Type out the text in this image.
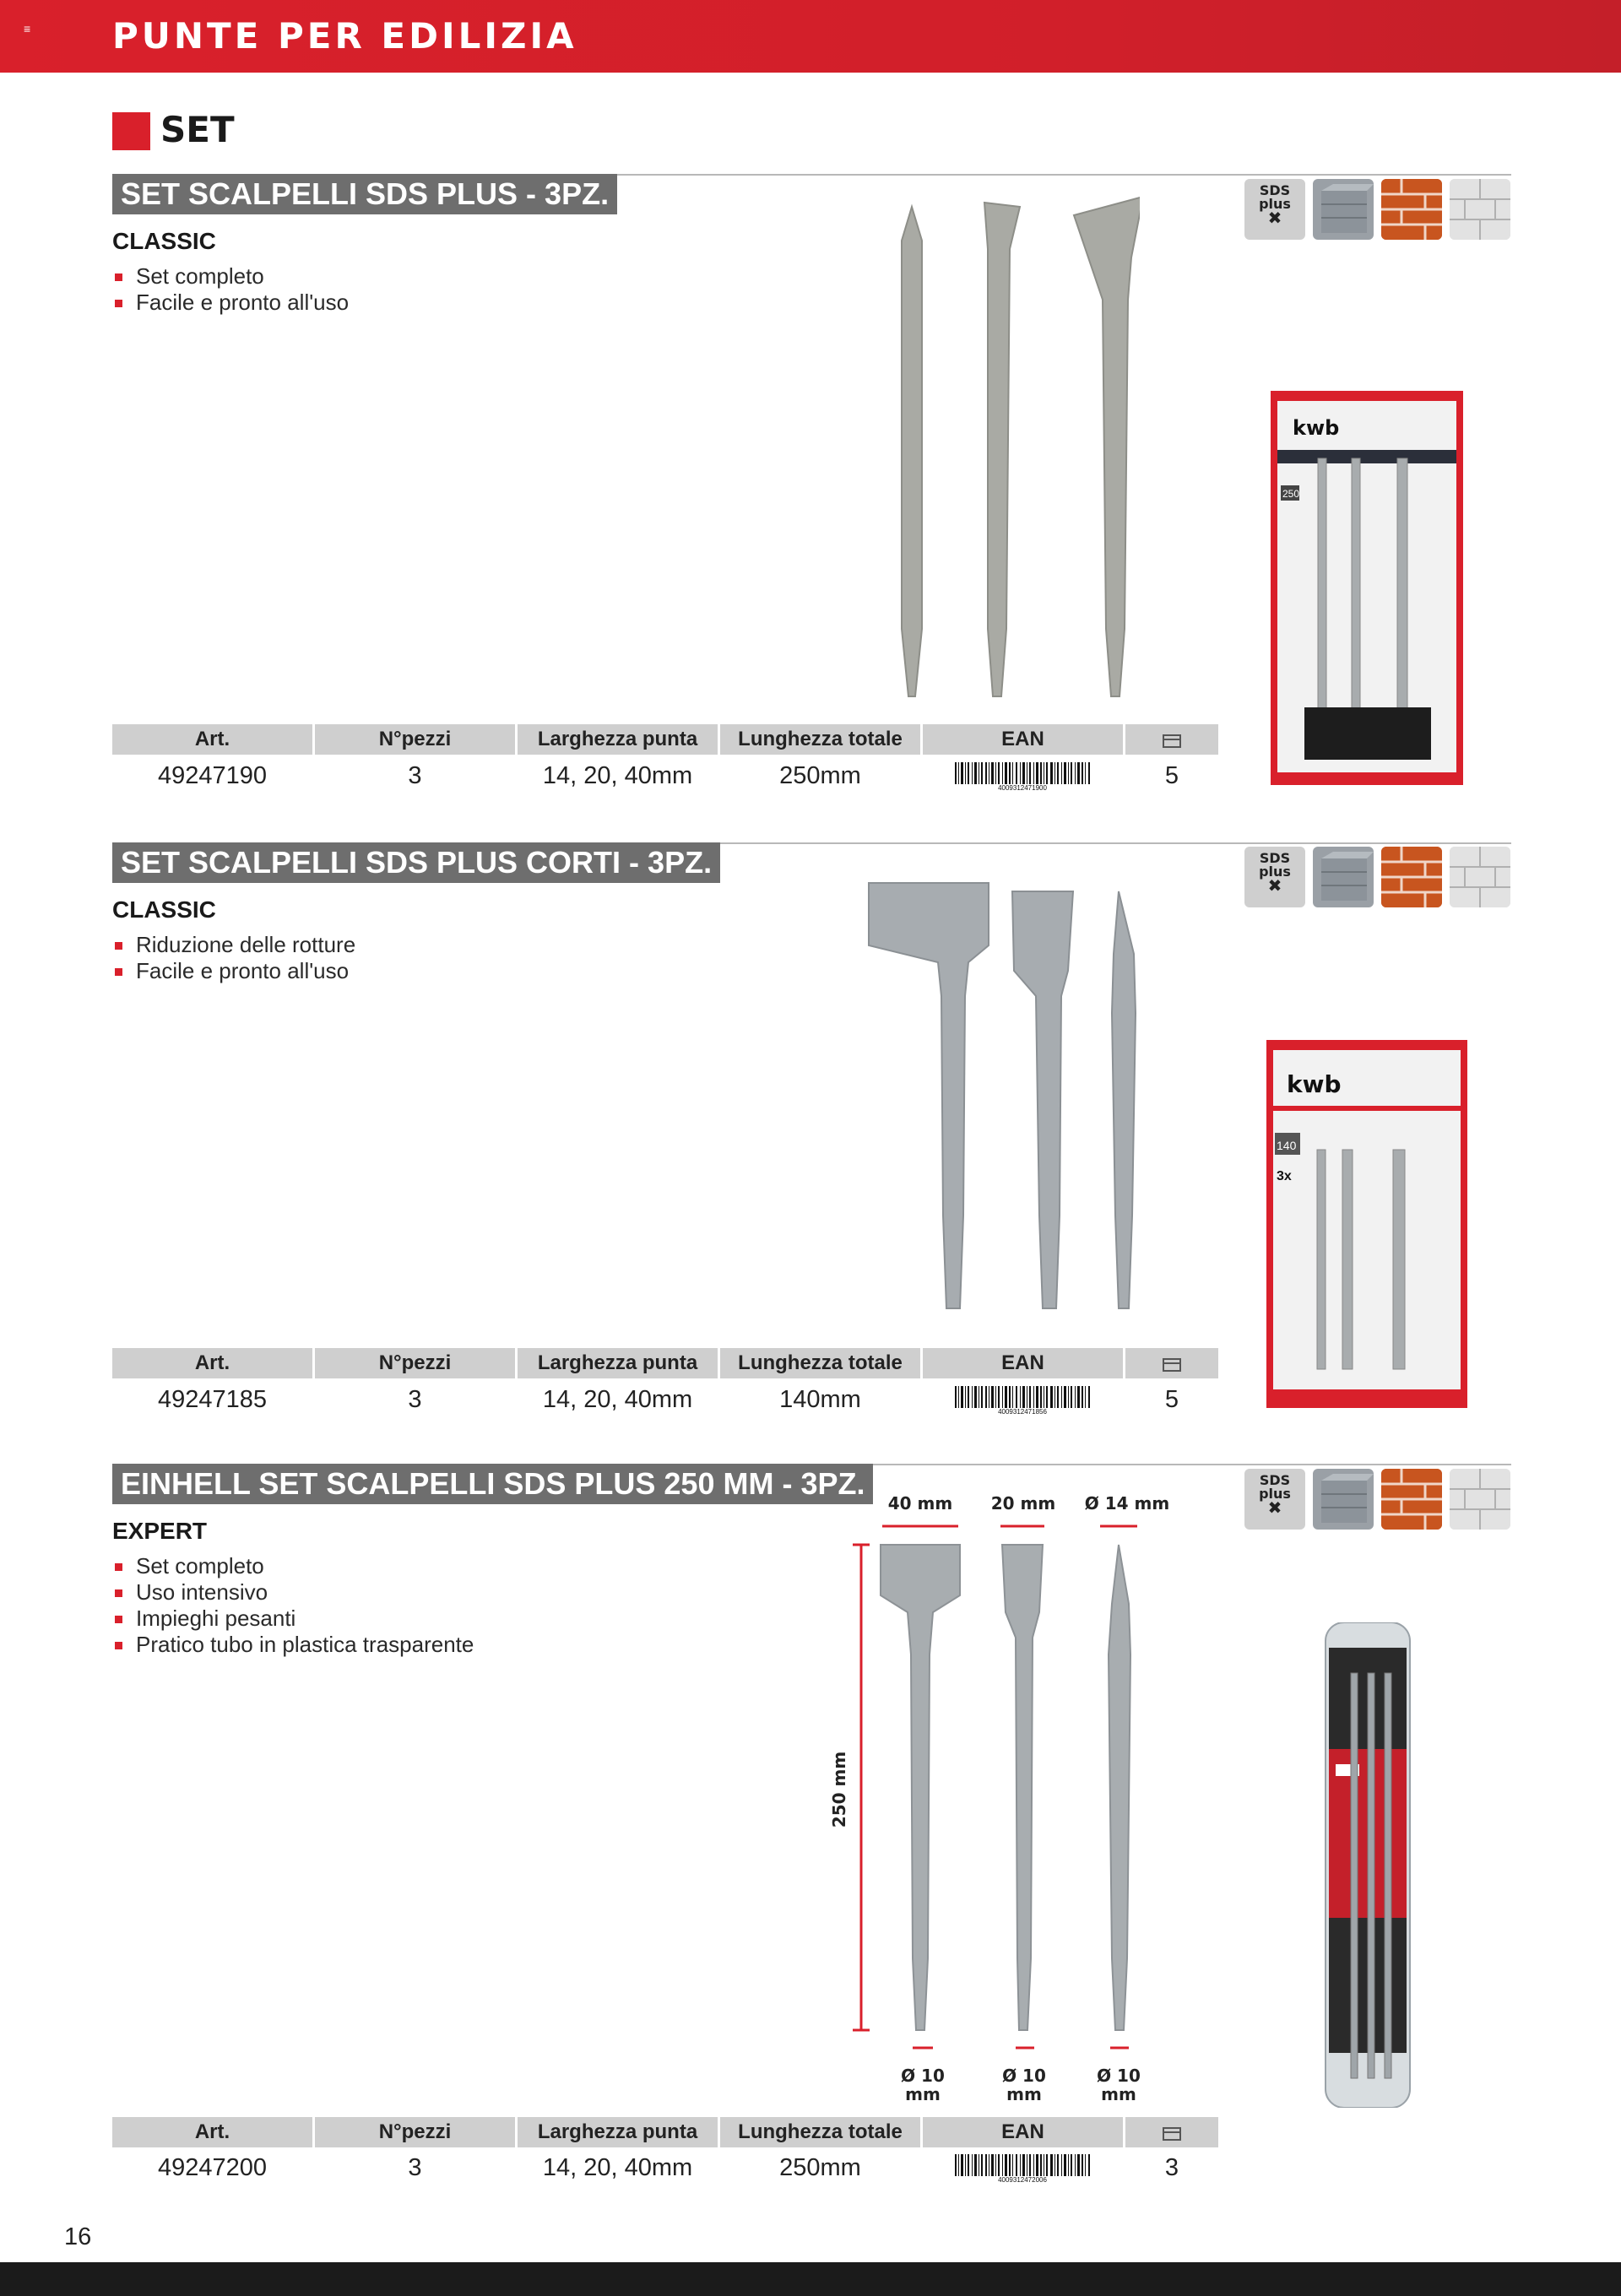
≡ PUNTE PER EDILIZIA
SET
SET SCALPELLI SDS PLUS - 3PZ.
CLASSIC
Set completo
Facile e pronto all'uso
SDS
plus
✖
kwb
250
Art.	N°pezzi	Larghezza punta	Lunghezza totale	EAN
49247190	3	14, 20, 40mm	250mm	4009312471900	5
SET SCALPELLI SDS PLUS CORTI - 3PZ.
CLASSIC
Riduzione delle rotture
Facile e pronto all'uso
SDS
plus
✖
kwb
140
3x
Art.	N°pezzi	Larghezza punta	Lunghezza totale	EAN
49247185	3	14, 20, 40mm	140mm	4009312471856	5
EINHELL SET SCALPELLI SDS PLUS 250 MM - 3PZ.
EXPERT
Set completo
Uso intensivo
Impieghi pesanti
Pratico tubo in plastica trasparente
SDS
plus
✖
40 mm 20 mm Ø 14 mm
Ø 10
mm
Ø 10
mm
Ø 10
mm
250 mm
Art.	N°pezzi	Larghezza punta	Lunghezza totale	EAN
49247200	3	14, 20, 40mm	250mm	4009312472006	3
16
